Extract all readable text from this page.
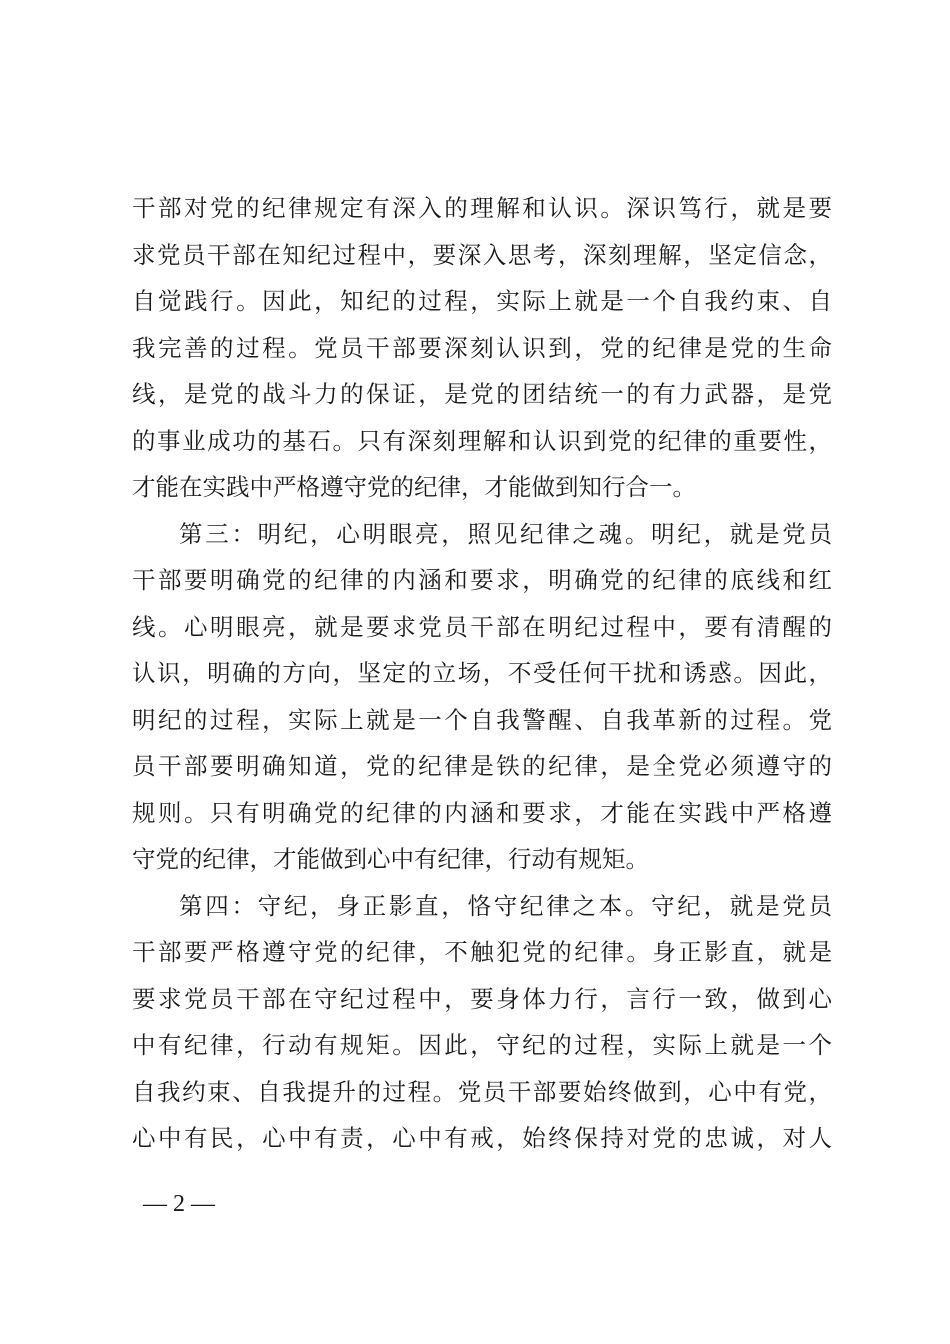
干部对党的纪律规定有深入的理解和认识。深识笃行，就是要
求党员干部在知纪过程中，要深入思考，深刻理解，坚定信念，
自觉践行。因此，知纪的过程，实际上就是一个自我约束、自
我完善的过程。党员干部要深刻认识到，党的纪律是党的生命
线，是党的战斗力的保证，是党的团结统一的有力武器，是党
的事业成功的基石。只有深刻理解和认识到党的纪律的重要性，
才能在实践中严格遵守党的纪律，才能做到知行合一。
第三：明纪，心明眼亮，照见纪律之魂。明纪，就是党员
干部要明确党的纪律的内涵和要求，明确党的纪律的底线和红
线。心明眼亮，就是要求党员干部在明纪过程中，要有清醒的
认识，明确的方向，坚定的立场，不受任何干扰和诱惑。因此，
明纪的过程，实际上就是一个自我警醒、自我革新的过程。党
员干部要明确知道，党的纪律是铁的纪律，是全党必须遵守的
规则。只有明确党的纪律的内涵和要求，才能在实践中严格遵
守党的纪律，才能做到心中有纪律，行动有规矩。
第四：守纪，身正影直，恪守纪律之本。守纪，就是党员
干部要严格遵守党的纪律，不触犯党的纪律。身正影直，就是
要求党员干部在守纪过程中，要身体力行，言行一致，做到心
中有纪律，行动有规矩。因此，守纪的过程，实际上就是一个
自我约束、自我提升的过程。党员干部要始终做到，心中有党，
心中有民，心中有责，心中有戒，始终保持对党的忠诚，对人
— 2 —
